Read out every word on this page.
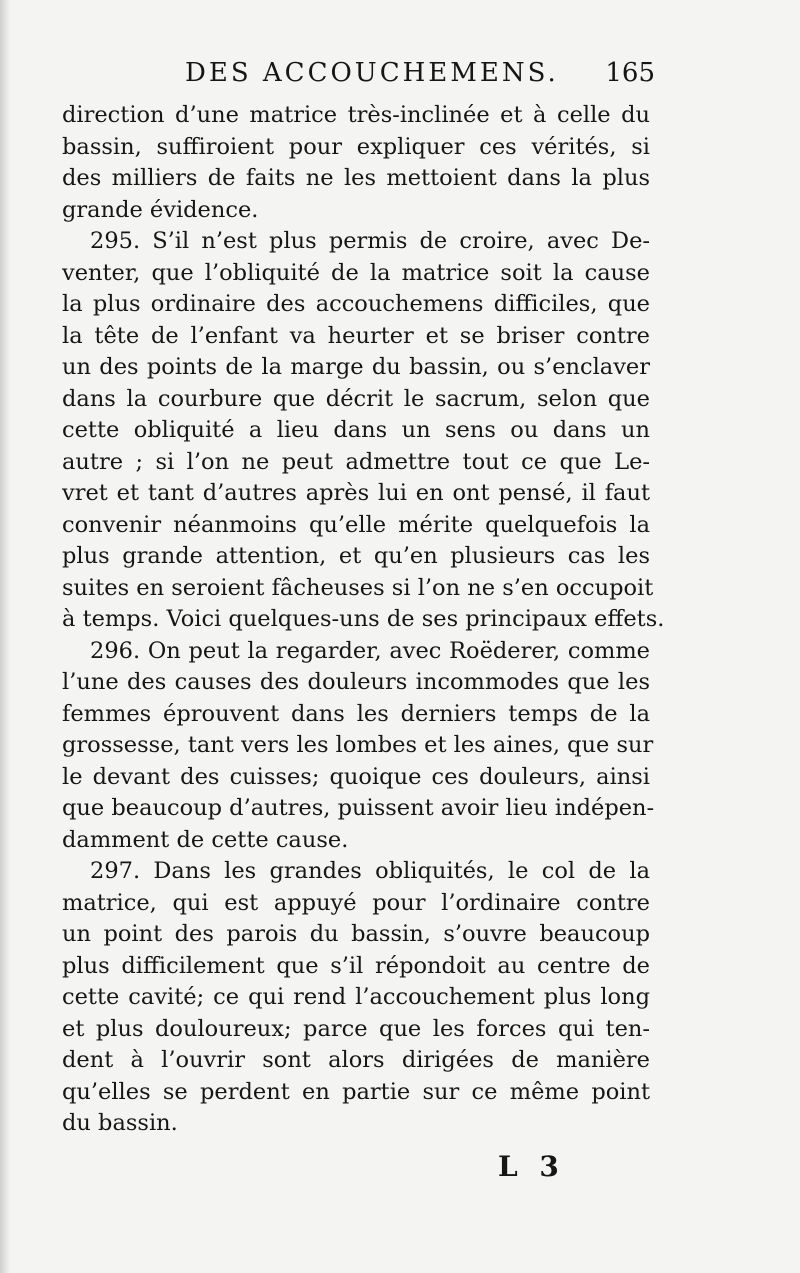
DES ACCOUCHEMENS. 165
direction d’une matrice très-inclinée et à celle du
bassin, suffiroient pour expliquer ces vérités, si
des milliers de faits ne les mettoient dans la plus
grande évidence.
295. S’il n’est plus permis de croire, avec De-
venter, que l’obliquité de la matrice soit la cause
la plus ordinaire des accouchemens difficiles, que
la tête de l’enfant va heurter et se briser contre
un des points de la marge du bassin, ou s’enclaver
dans la courbure que décrit le sacrum, selon que
cette obliquité a lieu dans un sens ou dans un
autre ; si l’on ne peut admettre tout ce que Le-
vret et tant d’autres après lui en ont pensé, il faut
convenir néanmoins qu’elle mérite quelquefois la
plus grande attention, et qu’en plusieurs cas les
suites en seroient fâcheuses si l’on ne s’en occupoit
à temps. Voici quelques-uns de ses principaux effets.
296. On peut la regarder, avec Roëderer, comme
l’une des causes des douleurs incommodes que les
femmes éprouvent dans les derniers temps de la
grossesse, tant vers les lombes et les aines, que sur
le devant des cuisses; quoique ces douleurs, ainsi
que beaucoup d’autres, puissent avoir lieu indépen-
damment de cette cause.
297. Dans les grandes obliquités, le col de la
matrice, qui est appuyé pour l’ordinaire contre
un point des parois du bassin, s’ouvre beaucoup
plus difficilement que s’il répondoit au centre de
cette cavité; ce qui rend l’accouchement plus long
et plus douloureux; parce que les forces qui ten-
dent à l’ouvrir sont alors dirigées de manière
qu’elles se perdent en partie sur ce même point
du bassin.
L 3
